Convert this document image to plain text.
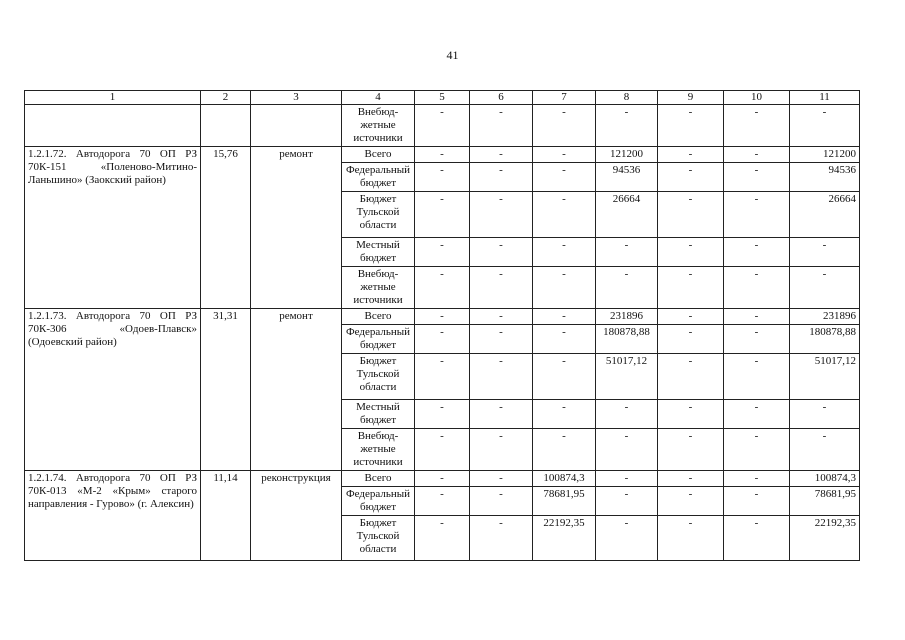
41
1	2	3	4	5	6	7	8	9	10	11
			Внебюд-жетные источники	-	-	-	-	-	-	-
1.2.1.72. Автодорога 70 ОП РЗ 70К-151 «Поленово-Митино-Ланьшино» (Заокский район)	15,76	ремонт	Всего	-	-	-	121200	-	-	121200
			Федеральный бюджет	-	-	-	94536	-	-	94536
			Бюджет Тульской области	-	-	-	26664	-	-	26664
			Местный бюджет	-	-	-	-	-	-	-
			Внебюд-жетные источники	-	-	-	-	-	-	-
1.2.1.73. Автодорога 70 ОП РЗ 70К-306 «Одоев-Плавск» (Одоевский район)	31,31	ремонт	Всего	-	-	-	231896	-	-	231896
			Федеральный бюджет	-	-	-	180878,88	-	-	180878,88
			Бюджет Тульской области	-	-	-	51017,12	-	-	51017,12
			Местный бюджет	-	-	-	-	-	-	-
			Внебюд-жетные источники	-	-	-	-	-	-	-
1.2.1.74. Автодорога 70 ОП РЗ 70К-013 «М-2 «Крым» старого направления - Гурово» (г. Алексин)	11,14	реконструкция	Всего	-	-	100874,3	-	-	-	100874,3
			Федеральный бюджет	-	-	78681,95	-	-	-	78681,95
			Бюджет Тульской области	-	-	22192,35	-	-	-	22192,35
